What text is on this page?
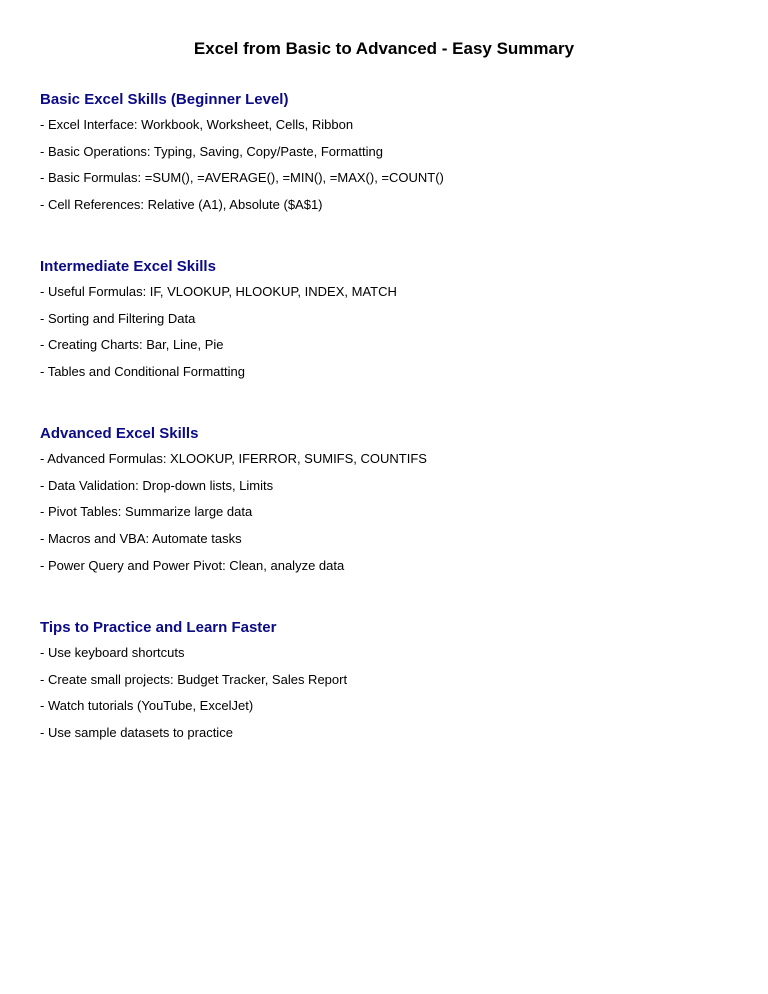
Excel from Basic to Advanced - Easy Summary
Basic Excel Skills (Beginner Level)
- Excel Interface: Workbook, Worksheet, Cells, Ribbon
- Basic Operations: Typing, Saving, Copy/Paste, Formatting
- Basic Formulas: =SUM(), =AVERAGE(), =MIN(), =MAX(), =COUNT()
- Cell References: Relative (A1), Absolute ($A$1)
Intermediate Excel Skills
- Useful Formulas: IF, VLOOKUP, HLOOKUP, INDEX, MATCH
- Sorting and Filtering Data
- Creating Charts: Bar, Line, Pie
- Tables and Conditional Formatting
Advanced Excel Skills
- Advanced Formulas: XLOOKUP, IFERROR, SUMIFS, COUNTIFS
- Data Validation: Drop-down lists, Limits
- Pivot Tables: Summarize large data
- Macros and VBA: Automate tasks
- Power Query and Power Pivot: Clean, analyze data
Tips to Practice and Learn Faster
- Use keyboard shortcuts
- Create small projects: Budget Tracker, Sales Report
- Watch tutorials (YouTube, ExcelJet)
- Use sample datasets to practice
